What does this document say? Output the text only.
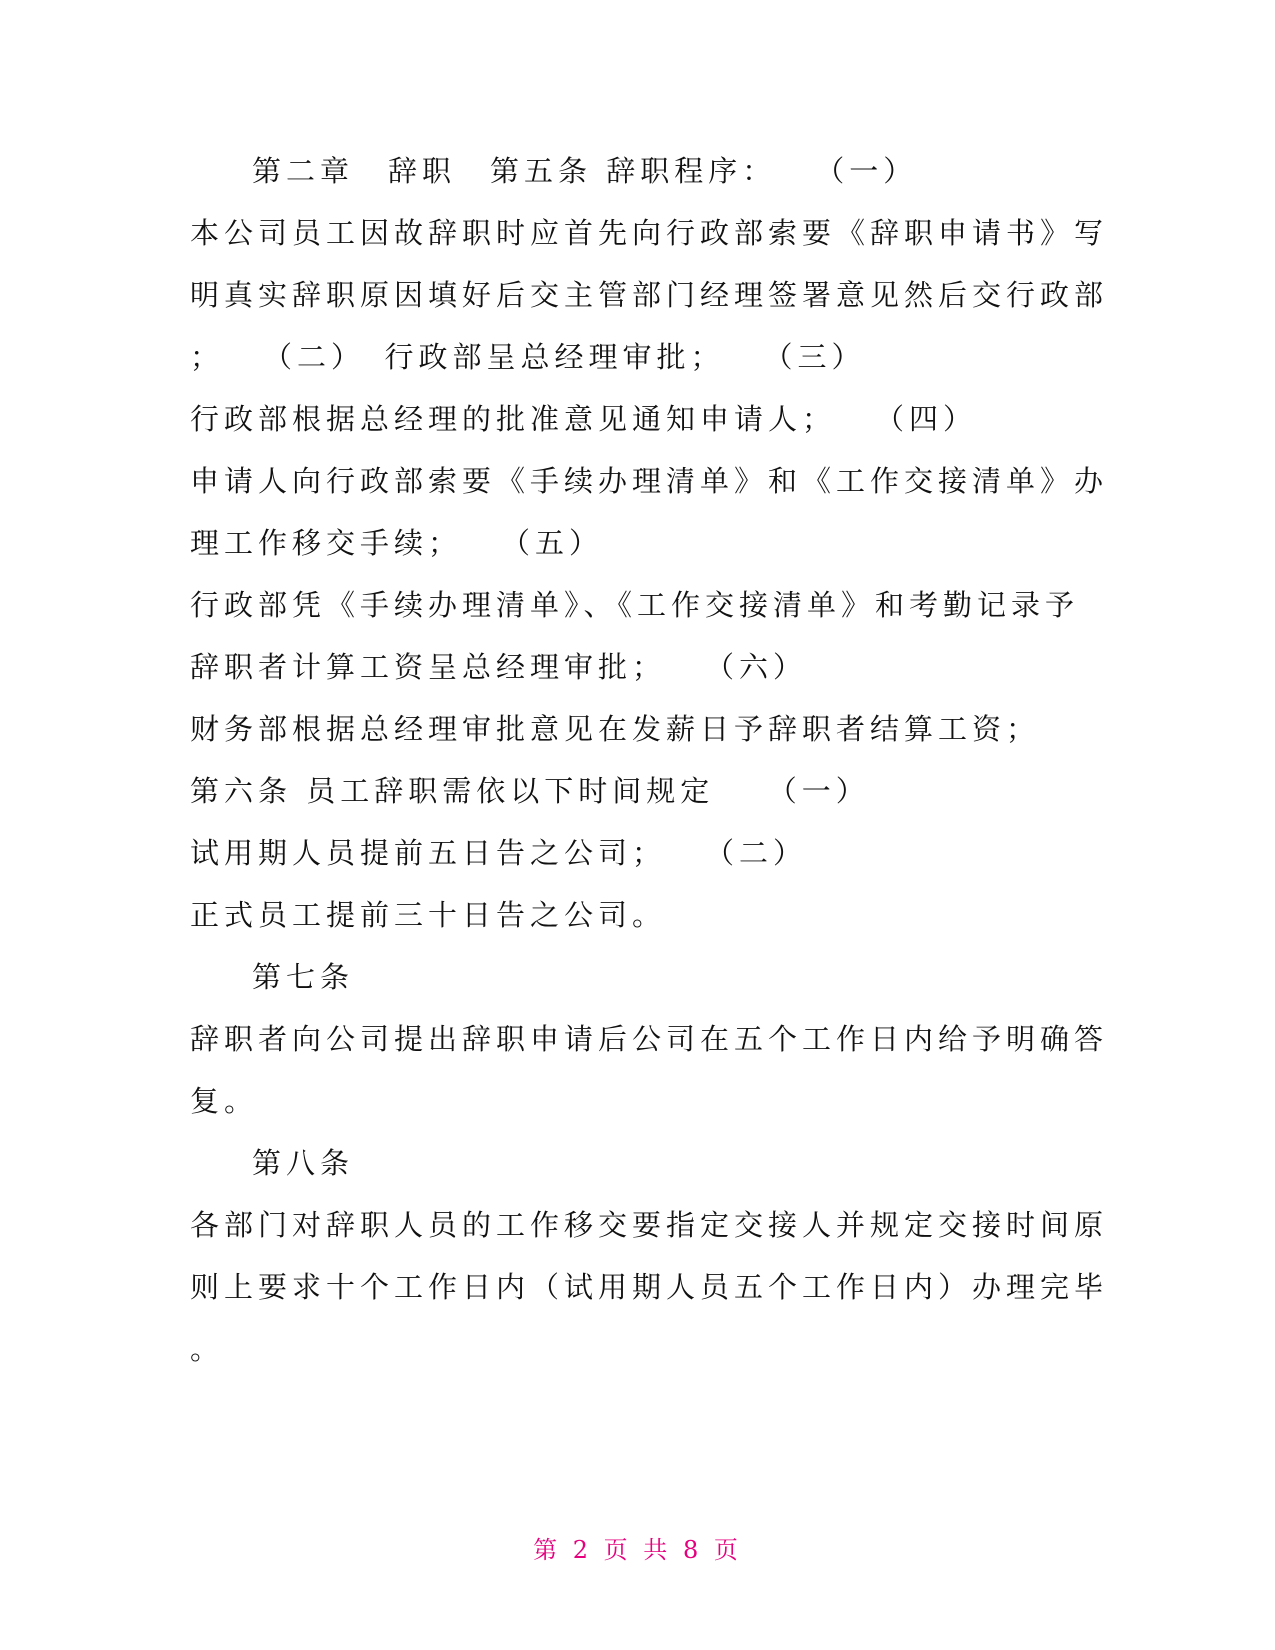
第二章　辞职　第五条 辞职程序：　　（一）
本公司员工因故辞职时应首先向行政部索要《辞职申请书》写
明真实辞职原因填好后交主管部门经理签署意见然后交行政部
；　　（二）　行政部呈总经理审批；　　（三）
行政部根据总经理的批准意见通知申请人；　　（四）
申请人向行政部索要《手续办理清单》和《工作交接清单》办
理工作移交手续；　　（五）
行政部凭《手续办理清单》、《工作交接清单》和考勤记录予
辞职者计算工资呈总经理审批；　　（六）
财务部根据总经理审批意见在发薪日予辞职者结算工资；
第六条 员工辞职需依以下时间规定　　（一）
试用期人员提前五日告之公司；　　（二）
正式员工提前三十日告之公司。
第七条
辞职者向公司提出辞职申请后公司在五个工作日内给予明确答
复。
第八条
各部门对辞职人员的工作移交要指定交接人并规定交接时间原
则上要求十个工作日内（试用期人员五个工作日内）办理完毕
。
第 2 页 共 8 页
